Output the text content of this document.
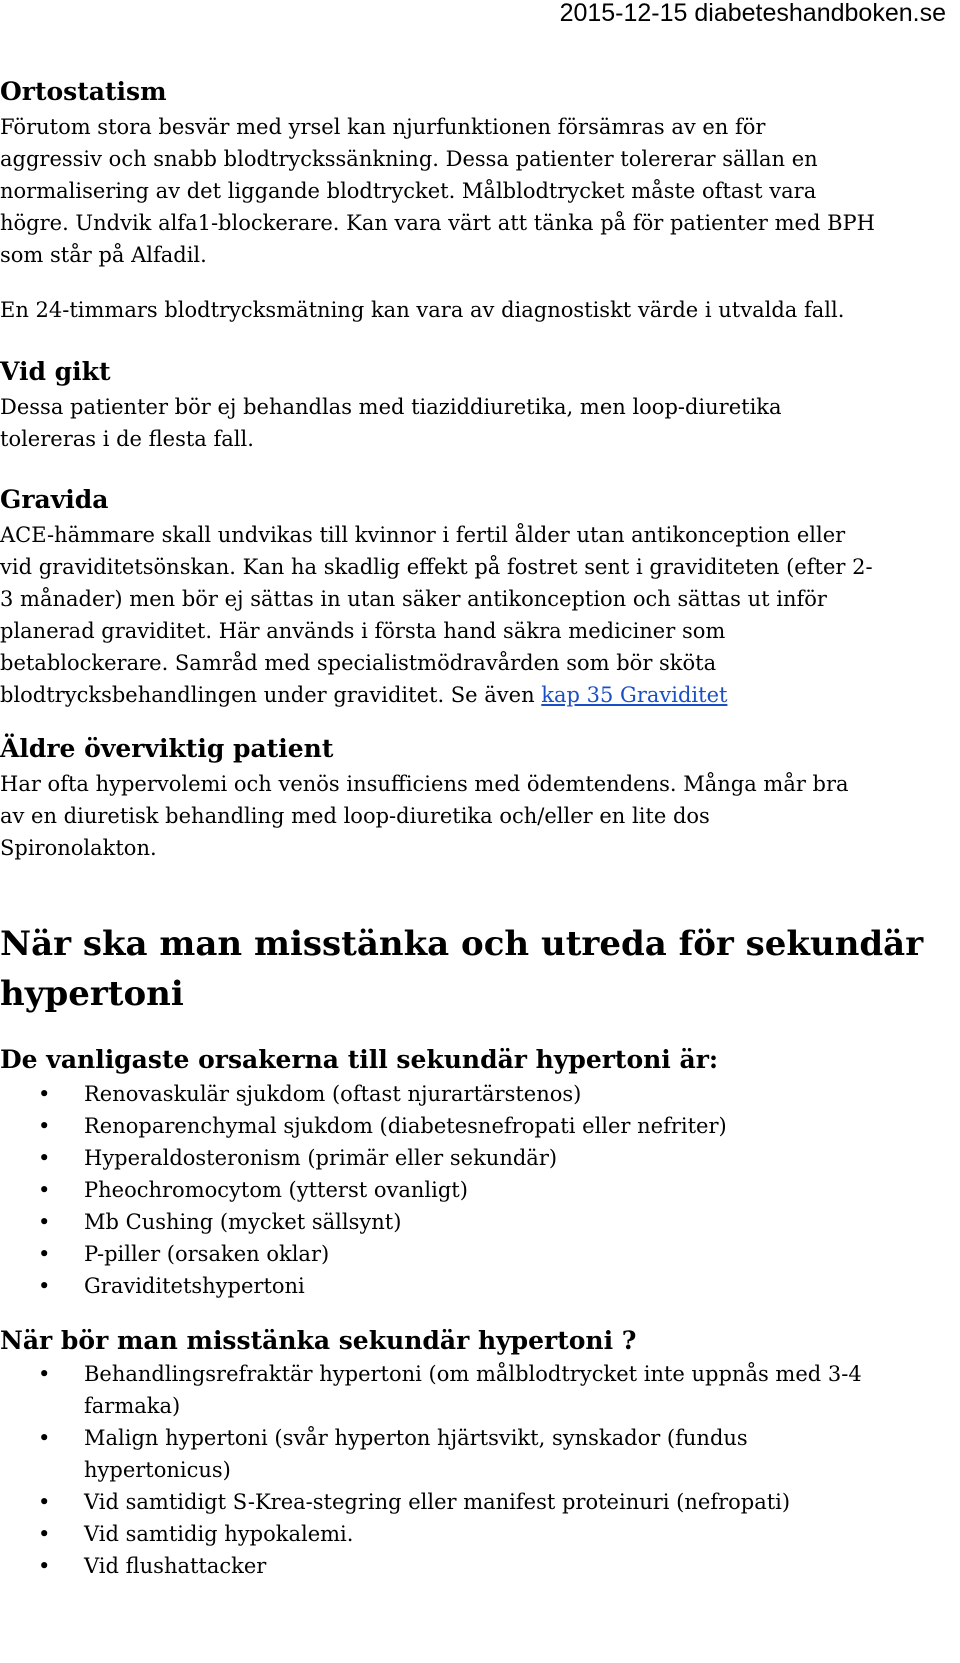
2015-12-15 diabeteshandboken.se
Ortostatism
Förutom stora besvär med yrsel kan njurfunktionen försämras av en för
aggressiv och snabb blodtryckssänkning. Dessa patienter tolererar sällan en
normalisering av det liggande blodtrycket. Målblodtrycket måste oftast vara
högre. Undvik alfa1-blockerare. Kan vara värt att tänka på för patienter med BPH
som står på Alfadil.
En 24-timmars blodtrycksmätning kan vara av diagnostiskt värde i utvalda fall.
Vid gikt
Dessa patienter bör ej behandlas med tiaziddiuretika, men loop-diuretika
tolereras i de flesta fall.
Gravida
ACE-hämmare skall undvikas till kvinnor i fertil ålder utan antikonception eller
vid graviditetsönskan. Kan ha skadlig effekt på fostret sent i graviditeten (efter 2-
3 månader) men bör ej sättas in utan säker antikonception och sättas ut inför
planerad graviditet. Här används i första hand säkra mediciner som
betablockerare. Samråd med specialistmödravården som bör sköta
blodtrycksbehandlingen under graviditet. Se även kap 35 Graviditet
Äldre överviktig patient
Har ofta hypervolemi och venös insufficiens med ödemtendens. Många mår bra
av en diuretisk behandling med loop-diuretika och/eller en lite dos
Spironolakton.
När ska man misstänka och utreda för sekundär
hypertoni
De vanligaste orsakerna till sekundär hypertoni är:
• Renovaskulär sjukdom (oftast njurartärstenos)
• Renoparenchymal sjukdom (diabetesnefropati eller nefriter)
• Hyperaldosteronism (primär eller sekundär)
• Pheochromocytom (ytterst ovanligt)
• Mb Cushing (mycket sällsynt)
• P-piller (orsaken oklar)
• Graviditetshypertoni
När bör man misstänka sekundär hypertoni ?
• Behandlingsrefraktär hypertoni (om målblodtrycket inte uppnås med 3-4
farmaka)
• Malign hypertoni (svår hyperton hjärtsvikt, synskador (fundus
hypertonicus)
• Vid samtidigt S-Krea-stegring eller manifest proteinuri (nefropati)
• Vid samtidig hypokalemi.
• Vid flushattacker
